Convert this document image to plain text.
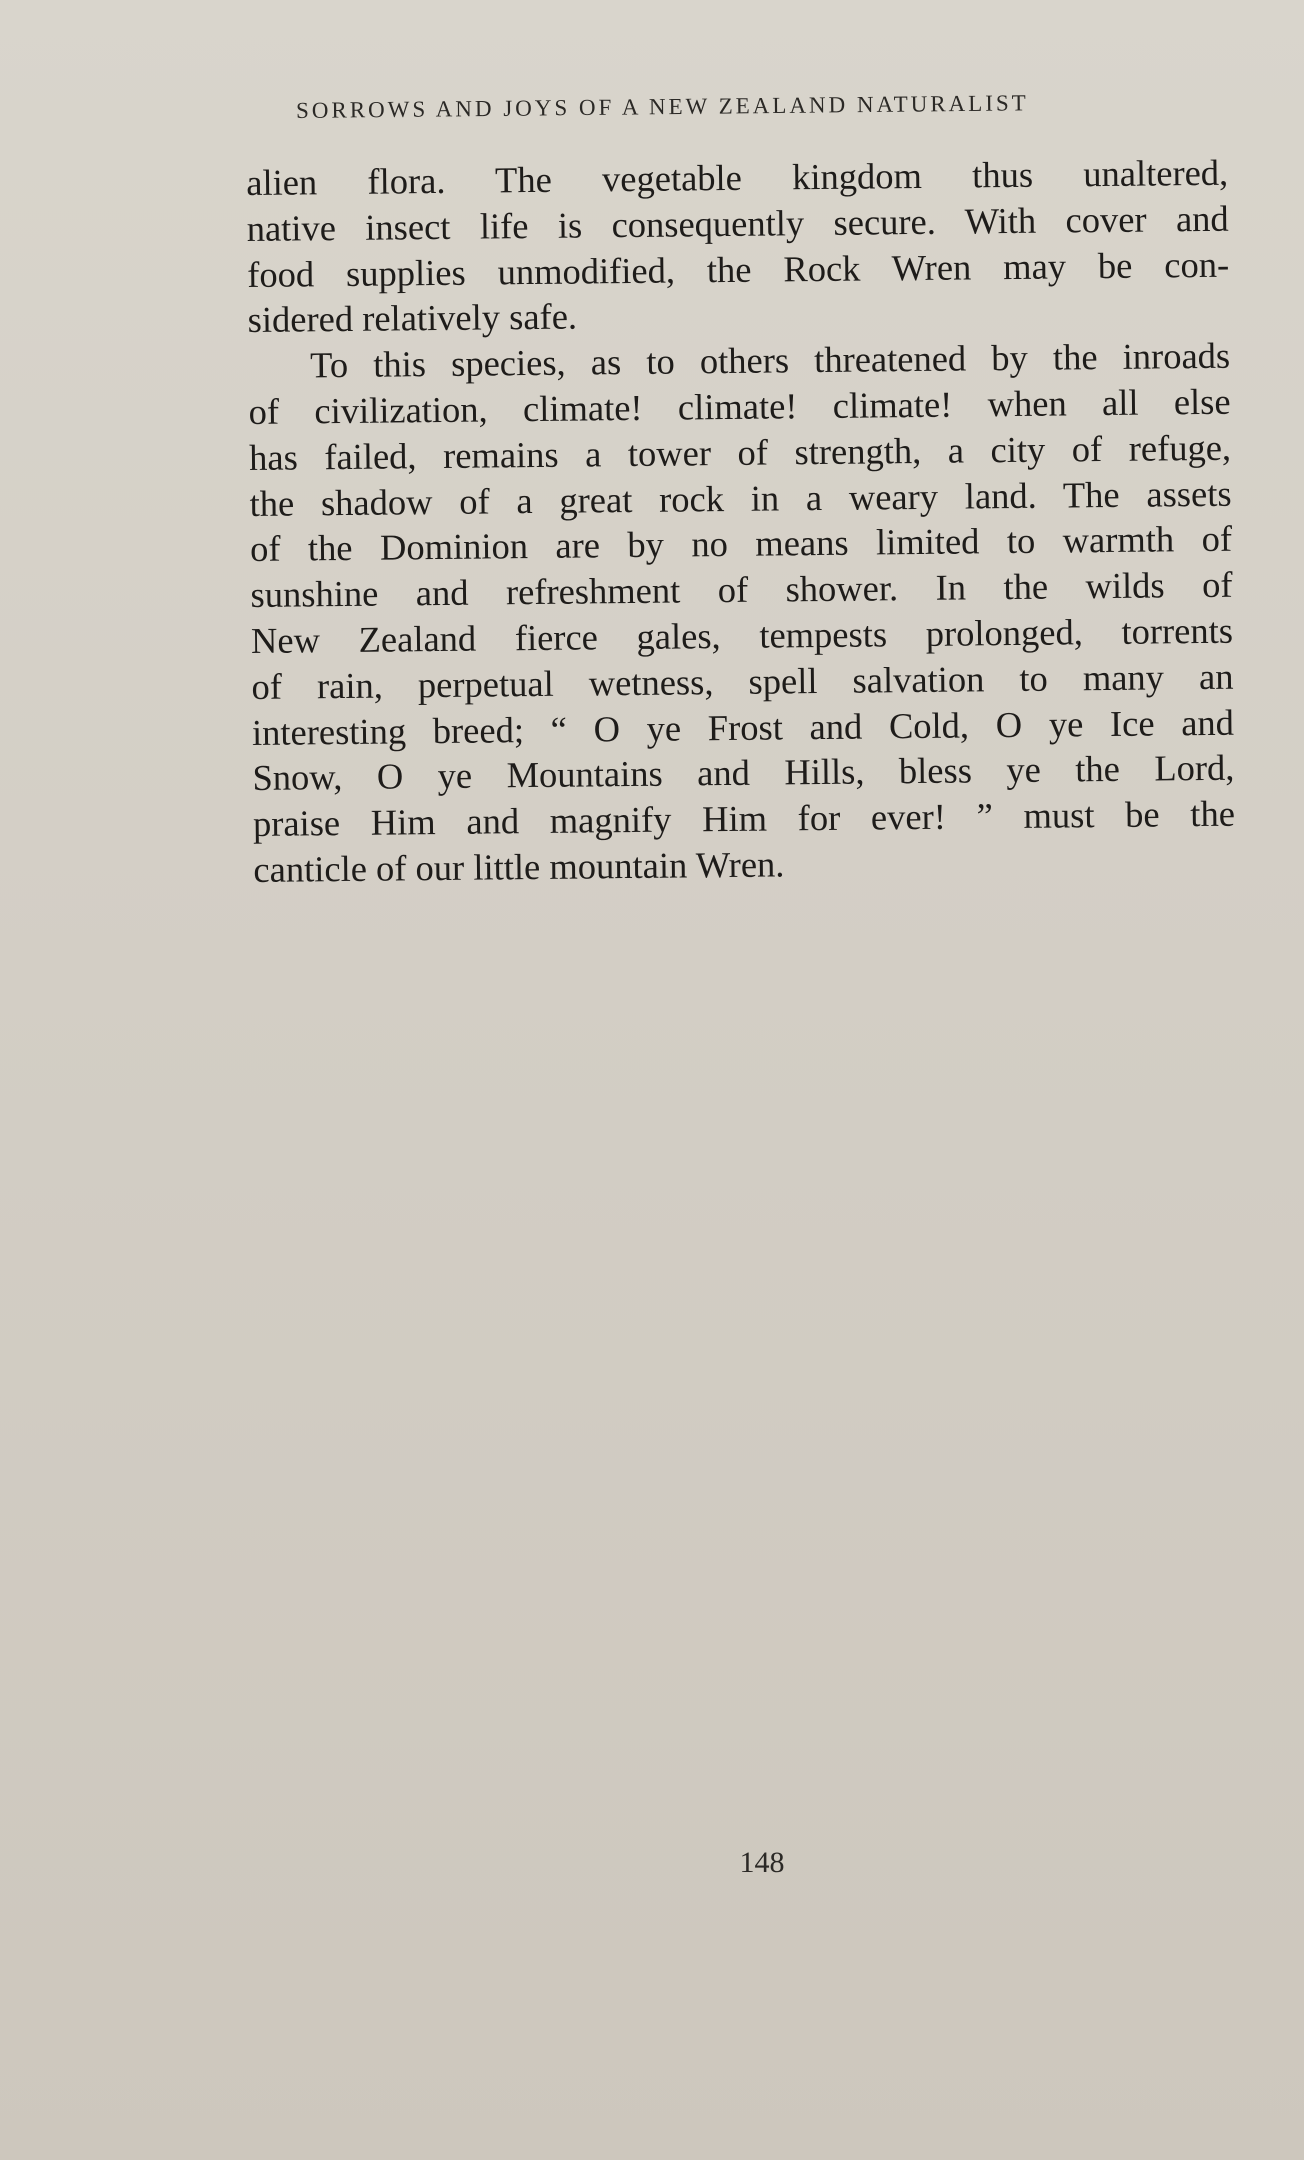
SORROWS AND JOYS OF A NEW ZEALAND NATURALIST
alien flora. The vegetable kingdom thus unaltered,
native insect life is consequently secure. With cover and
food supplies unmodified, the Rock Wren may be con-
sidered relatively safe.
To this species, as to others threatened by the inroads
of civilization, climate! climate! climate! when all else
has failed, remains a tower of strength, a city of refuge,
the shadow of a great rock in a weary land. The assets
of the Dominion are by no means limited to warmth of
sunshine and refreshment of shower. In the wilds of
New Zealand fierce gales, tempests prolonged, torrents
of rain, perpetual wetness, spell salvation to many an
interesting breed; “ O ye Frost and Cold, O ye Ice and
Snow, O ye Mountains and Hills, bless ye the Lord,
praise Him and magnify Him for ever! ” must be the
canticle of our little mountain Wren.
148
